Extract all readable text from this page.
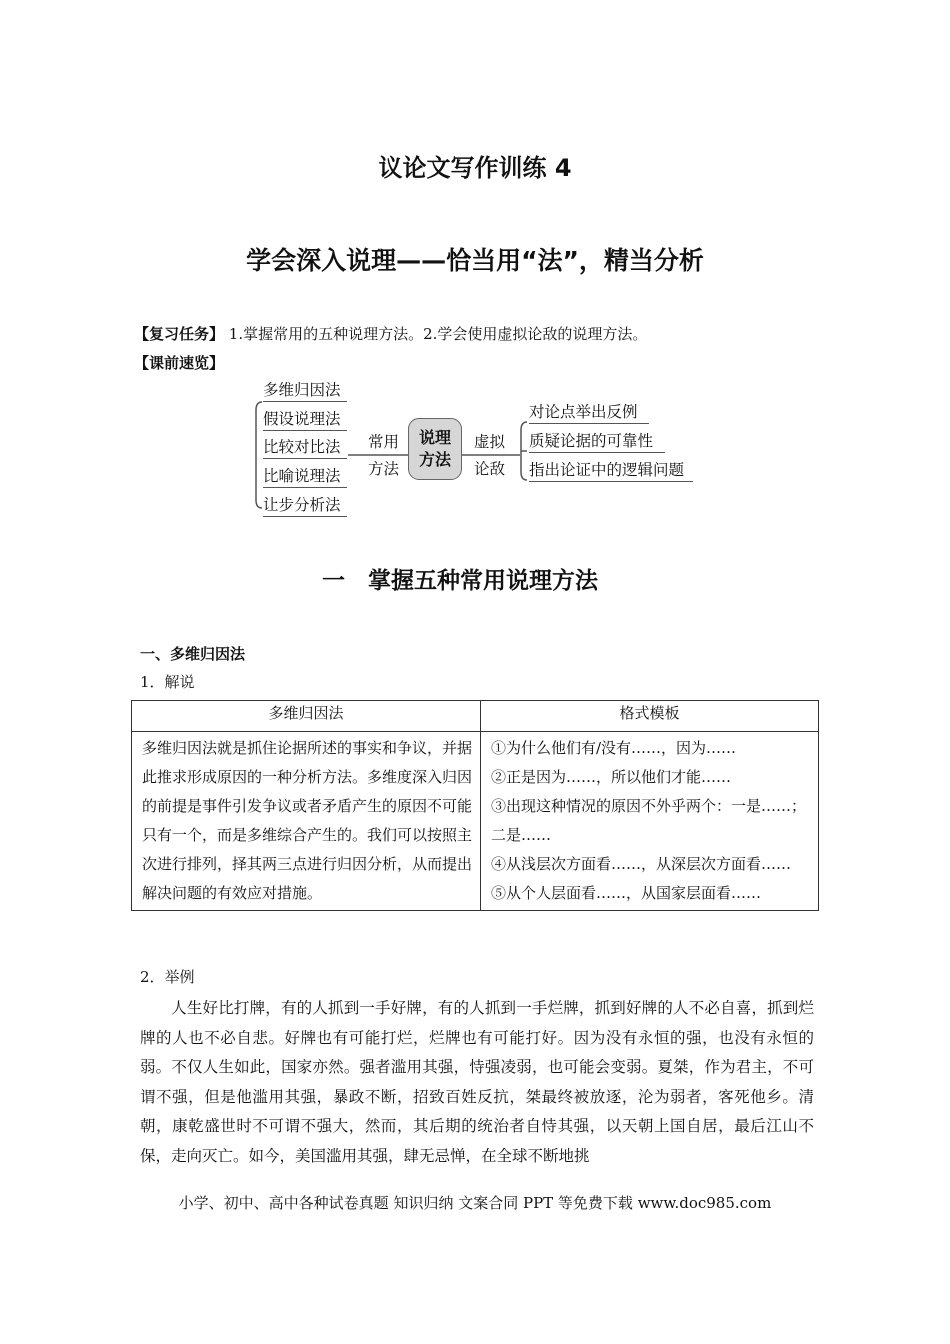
议论文写作训练 4
学会深入说理——恰当用“法”，精当分析
【复习任务】 1.掌握常用的五种说理方法。2.学会使用虚拟论敌的说理方法。
【课前速览】
多维归因法
假设说理法
比较对比法
比喻说理法
让步分析法
常用
方法
说理
方法
虚拟
论敌
对论点举出反例
质疑论据的可靠性
指出论证中的逻辑问题
一　掌握五种常用说理方法
一、多维归因法
1．解说
多维归因法	格式模板
多维归因法就是抓住论据所述的事实和争议，并据此推求形成原因的一种分析方法。多维度深入归因的前提是事件引发争议或者矛盾产生的原因不可能只有一个，而是多维综合产生的。我们可以按照主次进行排列，择其两三点进行归因分析，从而提出解决问题的有效应对措施。	①为什么他们有/没有……，因为……
②正是因为……，所以他们才能……
③出现这种情况的原因不外乎两个：一是……；二是……
④从浅层次方面看……，从深层次方面看……
⑤从个人层面看……，从国家层面看……
2．举例
人生好比打牌，有的人抓到一手好牌，有的人抓到一手烂牌，抓到好牌的人不必自喜，抓到烂牌的人也不必自悲。好牌也有可能打烂，烂牌也有可能打好。因为没有永恒的强，也没有永恒的弱。不仅人生如此，国家亦然。强者滥用其强，恃强凌弱，也可能会变弱。夏桀，作为君主，不可谓不强，但是他滥用其强，暴政不断，招致百姓反抗，桀最终被放逐，沦为弱者，客死他乡。清朝，康乾盛世时不可谓不强大，然而，其后期的统治者自恃其强，以天朝上国自居，最后江山不保，走向灭亡。如今，美国滥用其强，肆无忌惮，在全球不断地挑
小学、初中、高中各种试卷真题 知识归纳 文案合同 PPT 等免费下载 www.doc985.com
